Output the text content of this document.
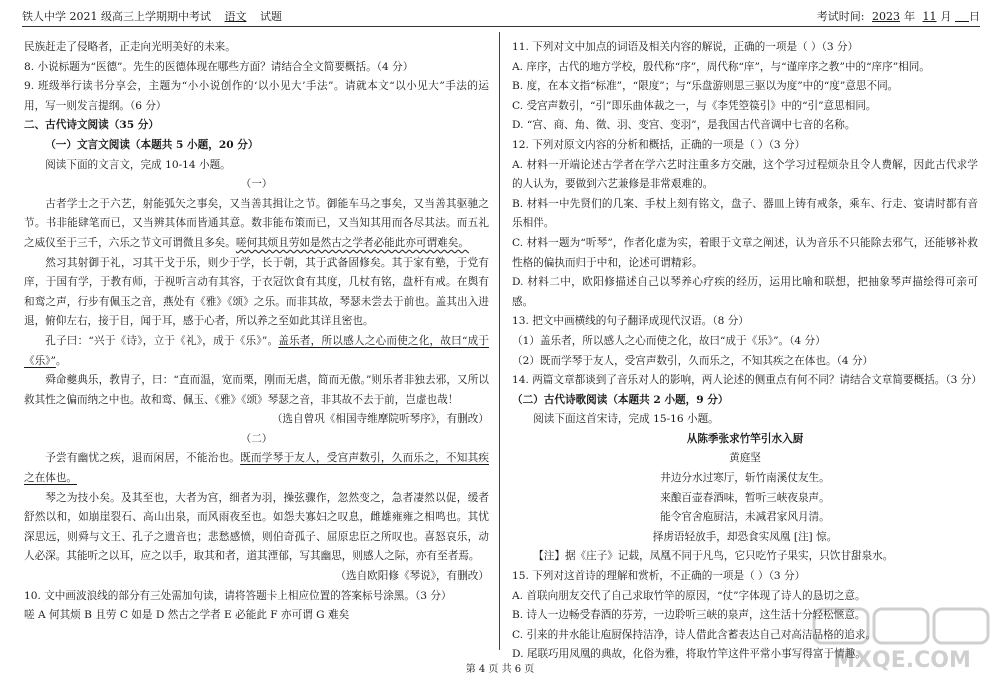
铁人中学 2021 级高三上学期期中考试 语文 试题	考试时间: 2023 年 11 月 日

民族赶走了侵略者，正走向光明美好的未来。

8. 小说标题为“医德”。先生的医德体现在哪些方面？请结合全文简要概括。（4 分）

9. 班级举行读书分享会，主题为“小小说创作的‘以小见大’手法”。请就本文“以小见大”手法的运用，写一则发言提纲。（6 分）

二、古代诗文阅读（35 分）

（一）文言文阅读（本题共 5 小题，20 分）

阅读下面的文言文，完成 10-14 小题。

（一）

古者学士之于六艺，射能弧矢之事矣，又当善其揖让之节。御能车马之事矣，又当善其驱驰之节。书非能肆笔而已，又当辨其体而皆通其意。数非能布策而已，又当知其用而各尽其法。而五礼之威仪至于三千，六乐之节文可谓微且多矣。嗟何其烦且劳如是然古之学者必能此亦可谓难矣。

然习其射御于礼，习其干戈于乐，则少于学，长于朝，其于武备固修矣。其于家有塾，于党有庠，于国有学，于教有师，于视听言动有其容，于衣冠饮食有其度，几杖有铭，盘杆有戒。在舆有和鸾之声，行步有佩玉之音，燕处有《雅》《颂》之乐。而非其故，琴瑟未尝去于前也。盖其出入进退，俯仰左右，接于目，闻于耳，感于心者，所以养之至如此其详且密也。

孔子曰：“兴于《诗》，立于《礼》，成于《乐》”。盖乐者，所以感人之心而使之化，故曰“成于《乐》”。

舜命夔典乐，教胄子，曰：“直而温，宽而栗，刚而无虐，简而无傲。”则乐者非独去邪，又所以救其性之偏而纳之中也。故和鸾、佩玉、《雅》《颂》琴瑟之音，非其故不去于前，岂虚也哉！

（选自曾巩《相国寺维摩院听琴序》，有删改）

（二）

予尝有幽忧之疾，退而闲居，不能治也。既而学琴于友人，受宫声数引，久而乐之，不知其疾之在体也。

琴之为技小矣。及其至也，大者为宫，细者为羽，操弦骤作，忽然变之，急者凄然以促，缓者舒然以和，如崩崖裂石、高山出泉，而风雨夜至也。如怨夫寡妇之叹息，雌雄雍雍之相鸣也。其忧深思远，则舜与文王、孔子之遗音也；悲愁感愤，则伯奇孤子、屈原忠臣之所叹也。喜怒哀乐，动人必深。其能听之以耳，应之以手，取其和者，道其湮郁，写其幽思，则感人之际，亦有至者焉。

（选自欧阳修《琴说》，有删改）

10. 文中画波浪线的部分有三处需加句读，请将答题卡上相应位置的答案标号涂黑。（3 分）

嗟 A 何其烦 B 且劳 C 如是 D 然古之学者 E 必能此 F 亦可谓 G 难矣

11. 下列对文中加点的词语及相关内容的解说，正确的一项是（ ）（3 分）

A. 庠序，古代的地方学校，殷代称“序”，周代称“庠”，与“谨庠序之教”中的“庠序”相同。

B. 度，在本文指“标准”，“限度”；与“乐盘游则思三驱以为度”中的“度”意思不同。

C. 受宫声数引，“引”即乐曲体裁之一，与《李凭箜篌引》中的“引”意思相同。

D. “宫、商、角、徵、羽、变宫、变羽”，是我国古代音调中七音的名称。

12. 下列对原文内容的分析和概括，正确的一项是（ ）（3 分）

A. 材料一开端论述古学者在学六艺时注重多方交融，这个学习过程烦杂且令人费解，因此古代求学的人认为，要做到六艺兼修是非常艰难的。

B. 材料一中先贤们的几案、手杖上刻有铭文，盘子、器皿上铸有戒条，乘车、行走、宴请时都有音乐相伴。

C. 材料一题为“听琴”，作者化虚为实，着眼于文章之阐述，认为音乐不只能除去邪气，还能够补救性格的偏执而归于中和，论述可谓精彩。

D. 材料二中，欧阳修描述自己以琴养心疗疾的经历，运用比喻和联想，把抽象琴声描绘得可亲可感。

13. 把文中画横线的句子翻译成现代汉语。（8 分）

（1）盖乐者，所以感人之心而使之化，故曰“成于《乐》”。（4 分）

（2）既而学琴于友人，受宫声数引，久而乐之，不知其疾之在体也。（4 分）

14. 两篇文章都谈到了音乐对人的影响，两人论述的侧重点有何不同？请结合文章简要概括。（3 分）

（二）古代诗歌阅读（本题共 2 小题，9 分）

阅读下面这首宋诗，完成 15-16 小题。

从陈季张求竹竿引水入厨

黄庭坚

井边分水过寒厅，斩竹南溪仗友生。

来酿百壶春酒味，暂听三峡夜泉声。

能令官舍庖厨洁，未减君家风月清。

择虏语轻放手，却恐食实凤凰 [注] 惊。

【注】据《庄子》记载，凤凰不同于凡鸟，它只吃竹子果实，只饮甘甜泉水。

15. 下列对这首诗的理解和赏析，不正确的一项是（ ）（3 分）

A. 首联向朋友交代了自己求取竹竿的原因，“仗”字体现了诗人的恳切之意。

B. 诗人一边畅受春酒的芬芳，一边聆听三峡的泉声，这生活十分轻松惬意。

C. 引来的井水能让庖厨保持洁净，诗人借此含蓄表达自己对高洁品格的追求。

D. 尾联巧用凤凰的典故，化俗为雅，将取竹竿这件平常小事写得富于情趣。

第 4 页 共 6 页	MXQE.COM
